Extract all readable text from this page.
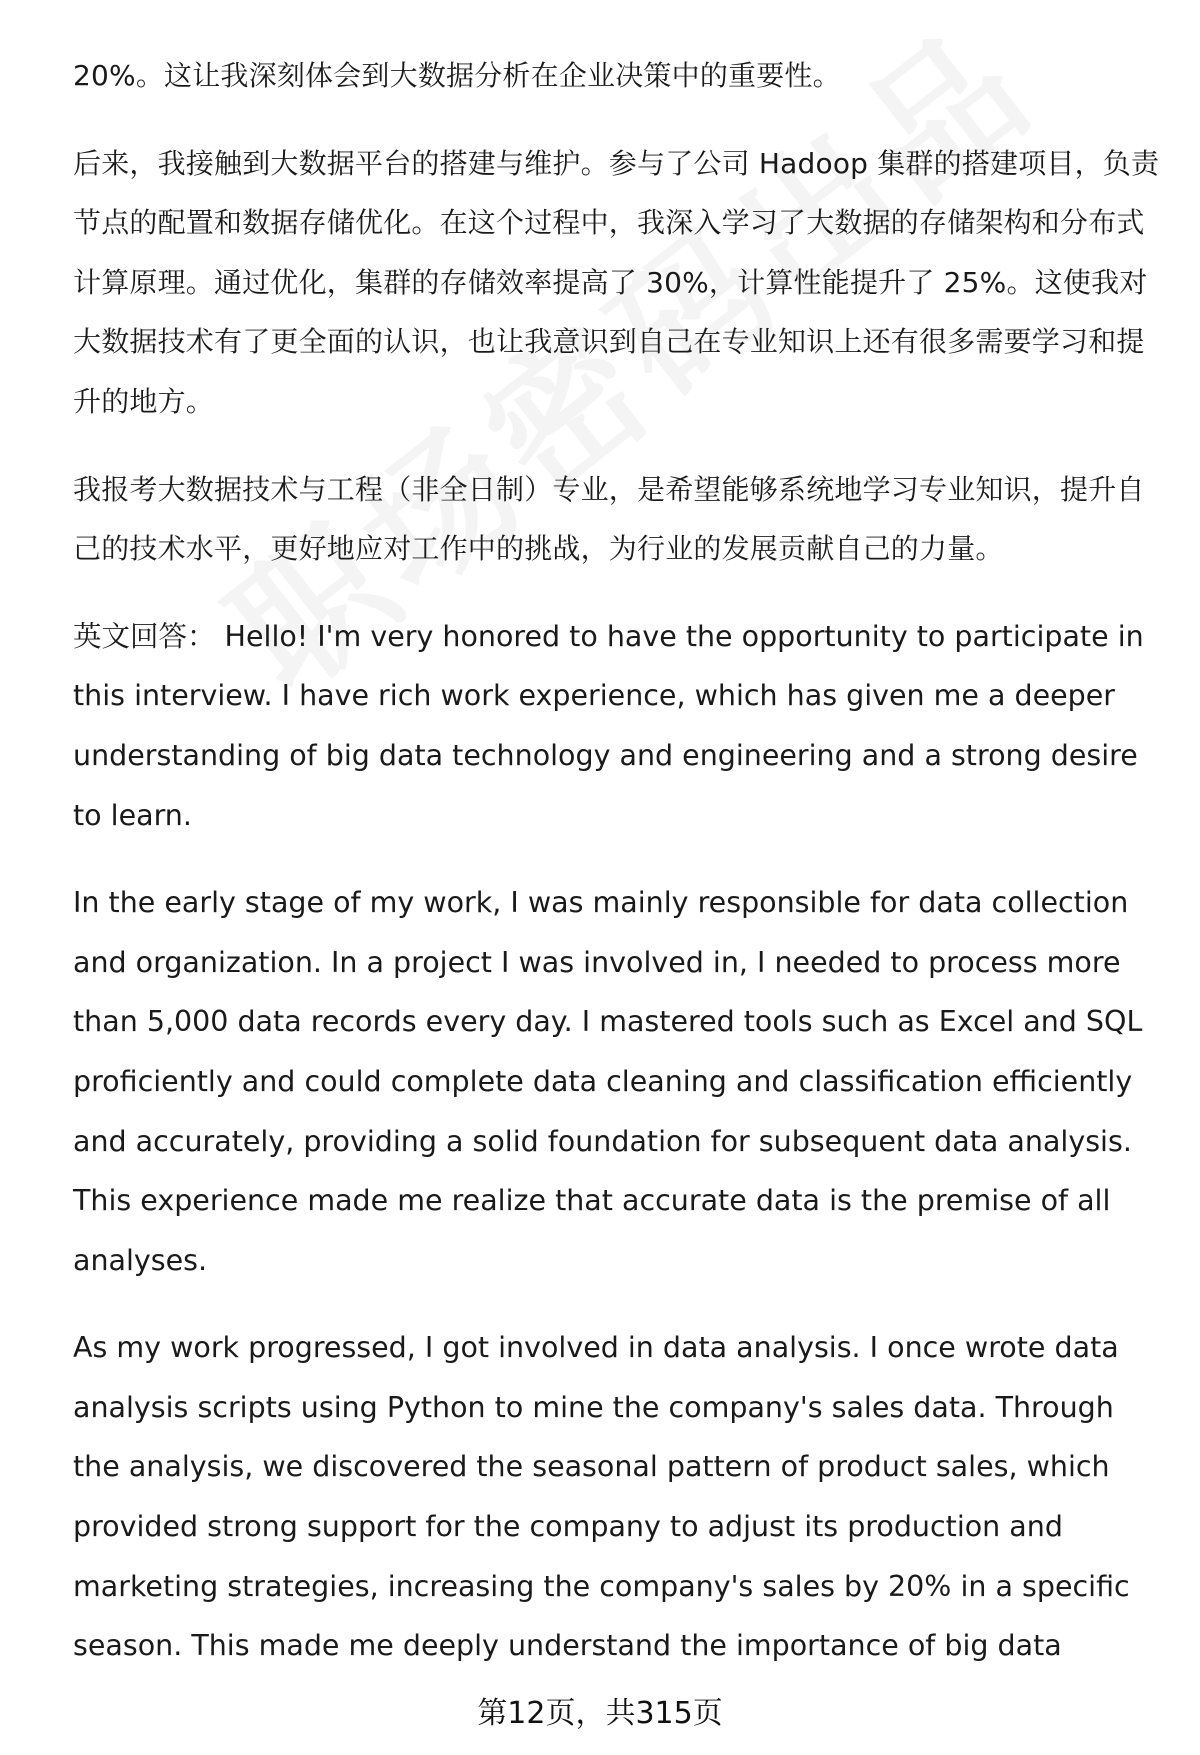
20%。这让我深刻体会到大数据分析在企业决策中的重要性。

后来，我接触到大数据平台的搭建与维护。参与了公司 Hadoop 集群的搭建项目，负责节点的配置和数据存储优化。在这个过程中，我深入学习了大数据的存储架构和分布式计算原理。通过优化，集群的存储效率提高了 30%，计算性能提升了 25%。这使我对大数据技术有了更全面的认识，也让我意识到自己在专业知识上还有很多需要学习和提升的地方。

我报考大数据技术与工程（非全日制）专业，是希望能够系统地学习专业知识，提升自己的技术水平，更好地应对工作中的挑战，为行业的发展贡献自己的力量。

英文回答： Hello! I'm very honored to have the opportunity to participate in this interview. I have rich work experience, which has given me a deeper understanding of big data technology and engineering and a strong desire to learn.

In the early stage of my work, I was mainly responsible for data collection and organization. In a project I was involved in, I needed to process more than 5,000 data records every day. I mastered tools such as Excel and SQL proficiently and could complete data cleaning and classification efficiently and accurately, providing a solid foundation for subsequent data analysis. This experience made me realize that accurate data is the premise of all analyses.

As my work progressed, I got involved in data analysis. I once wrote data analysis scripts using Python to mine the company's sales data. Through the analysis, we discovered the seasonal pattern of product sales, which provided strong support for the company to adjust its production and marketing strategies, increasing the company's sales by 20% in a specific season. This made me deeply understand the importance of big data

第12页，共315页
